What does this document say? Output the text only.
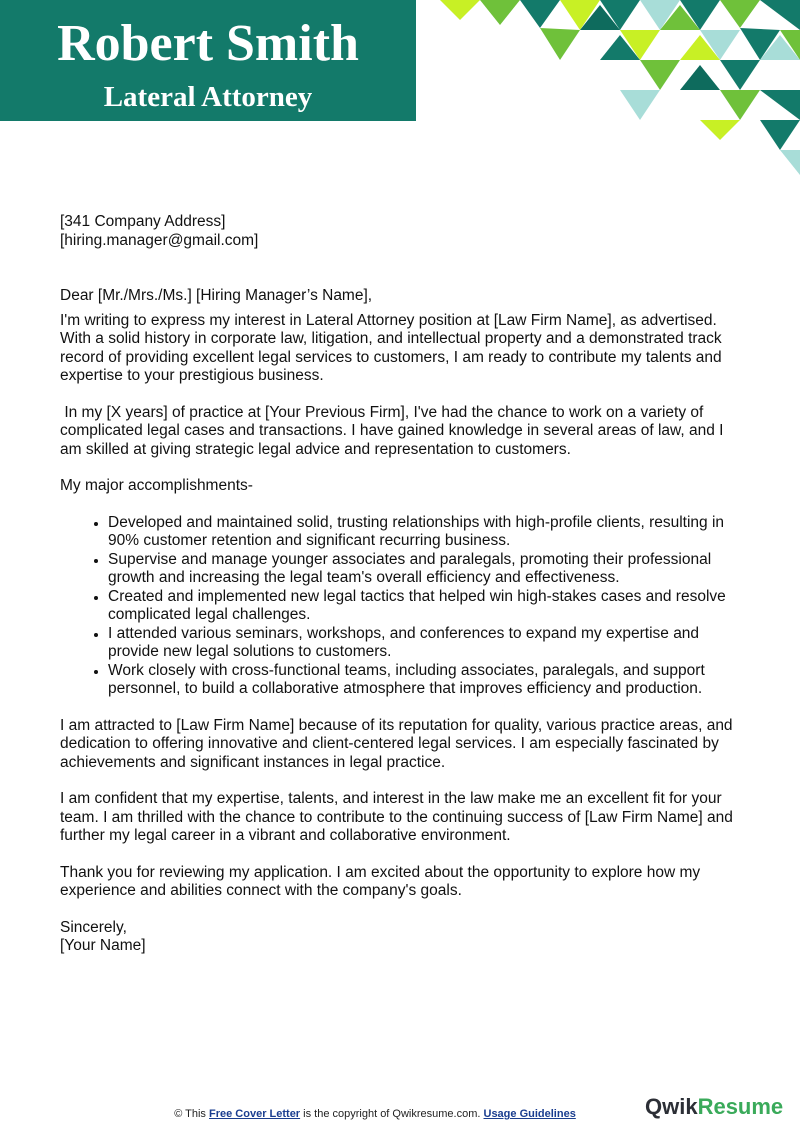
Robert Smith
Lateral Attorney

[341 Company Address]
[hiring.manager@gmail.com]

Dear [Mr./Mrs./Ms.] [Hiring Manager’s Name],

I'm writing to express my interest in Lateral Attorney position at [Law Firm Name], as advertised. With a solid history in corporate law, litigation, and intellectual property and a demonstrated track record of providing excellent legal services to customers, I am ready to contribute my talents and expertise to your prestigious business.

In my [X years] of practice at [Your Previous Firm], I've had the chance to work on a variety of complicated legal cases and transactions. I have gained knowledge in several areas of law, and I am skilled at giving strategic legal advice and representation to customers.

My major accomplishments-

• Developed and maintained solid, trusting relationships with high-profile clients, resulting in 90% customer retention and significant recurring business.
• Supervise and manage younger associates and paralegals, promoting their professional growth and increasing the legal team's overall efficiency and effectiveness.
• Created and implemented new legal tactics that helped win high-stakes cases and resolve complicated legal challenges.
• I attended various seminars, workshops, and conferences to expand my expertise and provide new legal solutions to customers.
• Work closely with cross-functional teams, including associates, paralegals, and support personnel, to build a collaborative atmosphere that improves efficiency and production.

I am attracted to [Law Firm Name] because of its reputation for quality, various practice areas, and dedication to offering innovative and client-centered legal services. I am especially fascinated by achievements and significant instances in legal practice.

I am confident that my expertise, talents, and interest in the law make me an excellent fit for your team. I am thrilled with the chance to contribute to the continuing success of [Law Firm Name] and further my legal career in a vibrant and collaborative environment.

Thank you for reviewing my application. I am excited about the opportunity to explore how my experience and abilities connect with the company's goals.

Sincerely,
[Your Name]

© This Free Cover Letter is the copyright of Qwikresume.com. Usage Guidelines	QwikResume
